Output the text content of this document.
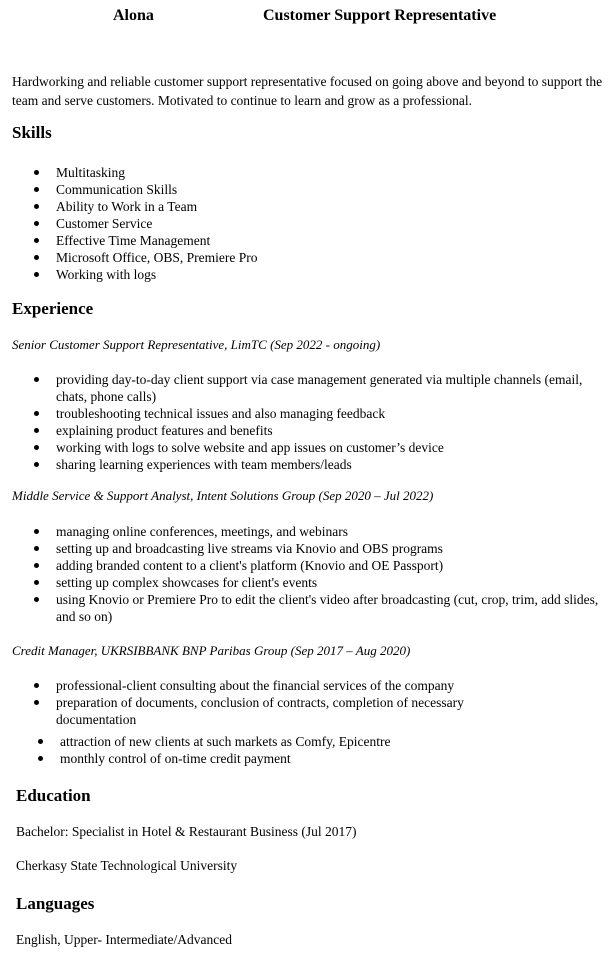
Alona	Customer Support Representative
Hardworking and reliable customer support representative focused on going above and beyond to support the team and serve customers. Motivated to continue to learn and grow as a professional.
Skills
Multitasking
Communication Skills
Ability to Work in a Team
Customer Service
Effective Time Management
Microsoft Office, OBS, Premiere Pro
Working with logs
Experience
Senior Customer Support Representative, LimTC (Sep 2022 - ongoing)
providing day-to-day client support via case management generated via multiple channels (email, chats, phone calls)
troubleshooting technical issues and also managing feedback
explaining product features and benefits
working with logs to solve website and app issues on customer’s device
sharing learning experiences with team members/leads
Middle Service & Support Analyst, Intent Solutions Group (Sep 2020 – Jul 2022)
managing online conferences, meetings, and webinars
setting up and broadcasting live streams via Knovio and OBS programs
adding branded content to a client's platform (Knovio and OE Passport)
setting up complex showcases for client's events
using Knovio or Premiere Pro to edit the client's video after broadcasting (cut, crop, trim, add slides, and so on)
Credit Manager, UKRSIBBANK BNP Paribas Group (Sep 2017 – Aug 2020)
professional-client consulting about the financial services of the company
preparation of documents, conclusion of contracts, completion of necessary documentation
attraction of new clients at such markets as Comfy, Epicentre
monthly control of on-time credit payment
Education
Bachelor: Specialist in Hotel & Restaurant Business (Jul 2017)
Cherkasy State Technological University
Languages
English, Upper- Intermediate/Advanced
